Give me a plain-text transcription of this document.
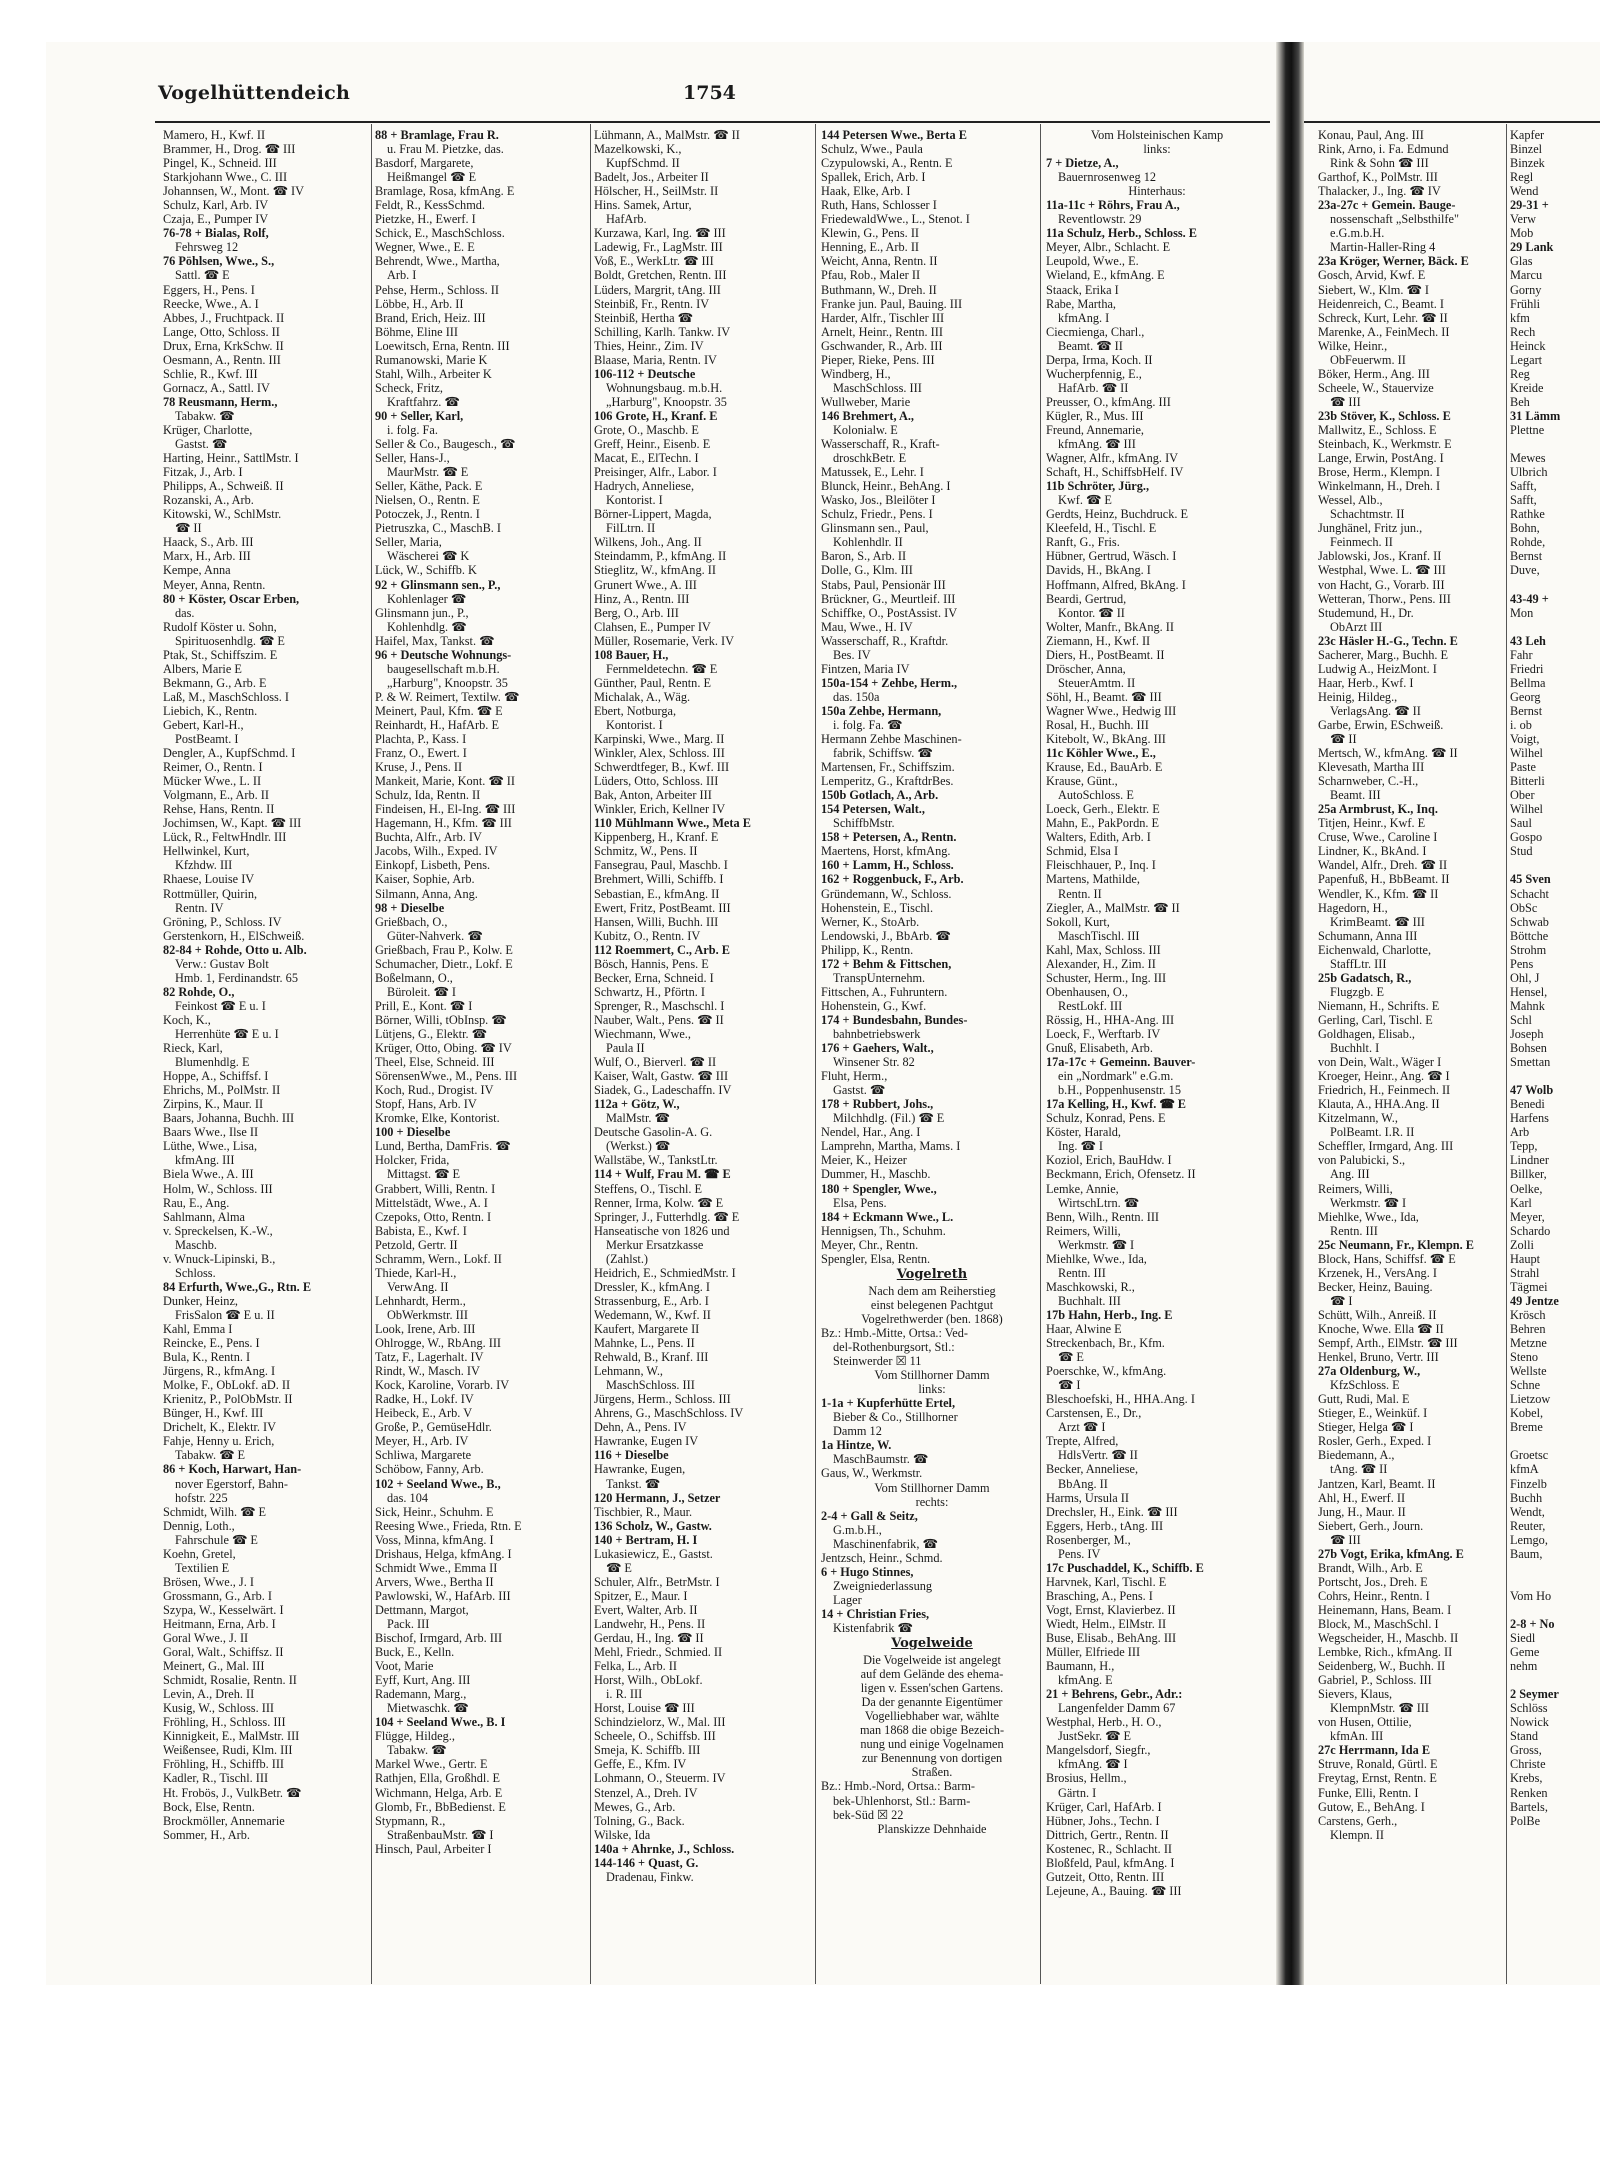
Vogelhüttendeich	1754
Mamero, H., Kwf. II
Brammer, H., Drog. ☎ III
Pingel, K., Schneid. III
Starkjohann Wwe., C. III
Johannsen, W., Mont. ☎ IV
Schulz, Karl, Arb. IV
Czaja, E., Pumper IV
76-78 + Bialas, Rolf,
Fehrsweg 12
76 Pöhlsen, Wwe., S.,
Sattl. ☎ E
Eggers, H., Pens. I
Reecke, Wwe., A. I
Abbes, J., Fruchtpack. II
Lange, Otto, Schloss. II
Drux, Erna, KrkSchw. II
Oesmann, A., Rentn. III
Schlie, R., Kwf. III
Gornacz, A., Sattl. IV
78 Reusmann, Herm.,
Tabakw. ☎
Krüger, Charlotte,
Gastst. ☎
Harting, Heinr., SattlMstr. I
Fitzak, J., Arb. I
Philipps, A., Schweiß. II
Rozanski, A., Arb.
Kitowski, W., SchlMstr.
☎ II
Haack, S., Arb. III
Marx, H., Arb. III
Kempe, Anna
Meyer, Anna, Rentn.
80 + Köster, Oscar Erben,
das.
Rudolf Köster u. Sohn,
Spirituosenhdlg. ☎ E
Ptak, St., Schiffszim. E
Albers, Marie E
Bekmann, G., Arb. E
Laß, M., MaschSchloss. I
Liebich, K., Rentn.
Gebert, Karl-H.,
PostBeamt. I
Dengler, A., KupfSchmd. I
Reimer, O., Rentn. I
Mücker Wwe., L. II
Volgmann, E., Arb. II
Rehse, Hans, Rentn. II
Jochimsen, W., Kapt. ☎ III
Lück, R., FeltwHndlr. III
Hellwinkel, Kurt,
Kfzhdw. III
Rhaese, Louise IV
Rottmüller, Quirin,
Rentn. IV
Gröning, P., Schloss. IV
Gerstenkorn, H., ElSchweiß.
82-84 + Rohde, Otto u. Alb.
Verw.: Gustav Bolt
Hmb. 1, Ferdinandstr. 65
82 Rohde, O.,
Feinkost ☎ E u. I
Koch, K.,
Herrenhüte ☎ E u. I
Rieck, Karl,
Blumenhdlg. E
Hoppe, A., Schiffsf. I
Ehrichs, M., PolMstr. II
Zirpins, K., Maur. II
Baars, Johanna, Buchh. III
Baars Wwe., Ilse II
Lüthe, Wwe., Lisa,
kfmAng. III
Biela Wwe., A. III
Holm, W., Schloss. III
Rau, E., Ang.
Sahlmann, Alma
v. Spreckelsen, K.-W.,
Maschb.
v. Wnuck-Lipinski, B.,
Schloss.
84 Erfurth, Wwe.,G., Rtn. E
Dunker, Heinz,
FrisSalon ☎ E u. II
Kahl, Emma I
Reincke, E., Pens. I
Bula, K., Rentn. I
Jürgens, R., kfmAng. I
Molke, F., ObLokf. aD. II
Krienitz, P., PolObMstr. II
Bünger, H., Kwf. III
Drichelt, K., Elektr. IV
Fahje, Henny u. Erich,
Tabakw. ☎ E
86 + Koch, Harwart, Han-
nover Egerstorf, Bahn-
hofstr. 225
Schmidt, Wilh. ☎ E
Dennig, Loth.,
Fahrschule ☎ E
Koehn, Gretel,
Textilien E
Brösen, Wwe., J. I
Grossmann, G., Arb. I
Szypa, W., Kesselwärt. I
Heitmann, Erna, Arb. I
Goral Wwe., J. II
Goral, Walt., Schiffsz. II
Meinert, G., Mal. III
Schmidt, Rosalie, Rentn. II
Levin, A., Dreh. II
Kusig, W., Schloss. III
Fröhling, H., Schloss. III
Kinnigkeit, E., MalMstr. III
Weißensee, Rudi, Klm. III
Fröhling, H., Schiffb. III
Kadler, R., Tischl. III
Ht. Frobös, J., VulkBetr. ☎
Bock, Else, Rentn.
Brockmöller, Annemarie
Sommer, H., Arb.
88 + Bramlage, Frau R.
u. Frau M. Pietzke, das.
Basdorf, Margarete,
Heißmangel ☎ E
Bramlage, Rosa, kfmAng. E
Feldt, R., KessSchmd.
Pietzke, H., Ewerf. I
Schick, E., MaschSchloss.
Wegner, Wwe., E. E
Behrendt, Wwe., Martha,
Arb. I
Pehse, Herm., Schloss. II
Löbbe, H., Arb. II
Brand, Erich, Heiz. III
Böhme, Eline III
Loewitsch, Erna, Rentn. III
Rumanowski, Marie K
Stahl, Wilh., Arbeiter K
Scheck, Fritz,
Kraftfahrz. ☎
90 + Seller, Karl,
i. folg. Fa.
Seller & Co., Baugesch., ☎
Seller, Hans-J.,
MaurMstr. ☎ E
Seller, Käthe, Pack. E
Nielsen, O., Rentn. E
Potoczek, J., Rentn. I
Pietruszka, C., MaschB. I
Seller, Maria,
Wäscherei ☎ K
Lück, W., Schiffb. K
92 + Glinsmann sen., P.,
Kohlenlager ☎
Glinsmann jun., P.,
Kohlenhdlg. ☎
Haifel, Max, Tankst. ☎
96 + Deutsche Wohnungs-
baugesellschaft m.b.H.
„Harburg", Knoopstr. 35
P. & W. Reimert, Textilw. ☎
Meinert, Paul, Kfm. ☎ E
Reinhardt, H., HafArb. E
Plachta, P., Kass. I
Franz, O., Ewert. I
Kruse, J., Pens. II
Mankeit, Marie, Kont. ☎ II
Schulz, Ida, Rentn. II
Findeisen, H., El-Ing. ☎ III
Hagemann, H., Kfm. ☎ III
Buchta, Alfr., Arb. IV
Jacobs, Wilh., Exped. IV
Einkopf, Lisbeth, Pens.
Kaiser, Sophie, Arb.
Silmann, Anna, Ang.
98 + Dieselbe
Grießbach, O.,
Güter-Nahverk. ☎
Grießbach, Frau P., Kolw. E
Schumacher, Dietr., Lokf. E
Boßelmann, O.,
Büroleit. ☎ I
Prill, E., Kont. ☎ I
Börner, Willi, tObInsp. ☎
Lütjens, G., Elektr. ☎
Krüger, Otto, Obing. ☎ IV
Theel, Else, Schneid. III
SörensenWwe., M., Pens. III
Koch, Rud., Drogist. IV
Stopf, Hans, Arb. IV
Kromke, Elke, Kontorist.
100 + Dieselbe
Lund, Bertha, DamFris. ☎
Holcker, Frida,
Mittagst. ☎ E
Grabbert, Willi, Rentn. I
Mittelstädt, Wwe., A. I
Czepoks, Otto, Rentn. I
Babista, E., Kwf. I
Petzold, Gertr. II
Schramm, Wern., Lokf. II
Thiede, Karl-H.,
VerwAng. II
Lehnhardt, Herm.,
ObWerkmstr. III
Look, Irene, Arb. III
Ohlrogge, W., RbAng. III
Tatz, F., Lagerhalt. IV
Rindt, W., Masch. IV
Kock, Karoline, Vorarb. IV
Radke, H., Lokf. IV
Heibeck, E., Arb. V
Große, P., GemüseHdlr.
Meyer, H., Arb. IV
Schliwa, Margarete
Schöbow, Fanny, Arb.
102 + Seeland Wwe., B.,
das. 104
Sick, Heinr., Schuhm. E
Reesing Wwe., Frieda, Rtn. E
Voss, Minna, kfmAng. I
Drishaus, Helga, kfmAng. I
Schmidt Wwe., Emma II
Arvers, Wwe., Bertha II
Pawlowski, W., HafArb. III
Dettmann, Margot,
Pack. III
Bischof, Irmgard, Arb. III
Buck, E., Kelln.
Voot, Marie
Eyff, Kurt, Ang. III
Rademann, Marg.,
Mietwaschk. ☎
104 + Seeland Wwe., B. I
Flügge, Hildeg.,
Tabakw. ☎
Markel Wwe., Gertr. E
Rathjen, Ella, Großhdl. E
Wichmann, Helga, Arb. E
Glomb, Fr., BbBedienst. E
Stypmann, R.,
StraßenbauMstr. ☎ I
Hinsch, Paul, Arbeiter I
Lühmann, A., MalMstr. ☎ II
Mazelkowski, K.,
KupfSchmd. II
Badelt, Jos., Arbeiter II
Hölscher, H., SeilMstr. II
Hins. Samek, Artur,
HafArb.
Kurzawa, Karl, Ing. ☎ III
Ladewig, Fr., LagMstr. III
Voß, E., WerkLtr. ☎ III
Boldt, Gretchen, Rentn. III
Lüders, Margrit, tAng. III
Steinbiß, Fr., Rentn. IV
Steinbiß, Hertha ☎
Schilling, Karlh. Tankw. IV
Thies, Heinr., Zim. IV
Blaase, Maria, Rentn. IV
106-112 + Deutsche
Wohnungsbaug. m.b.H.
„Harburg", Knoopstr. 35
106 Grote, H., Kranf. E
Grote, O., Maschb. E
Greff, Heinr., Eisenb. E
Macat, E., ElTechn. I
Preisinger, Alfr., Labor. I
Hadrych, Anneliese,
Kontorist. I
Börner-Lippert, Magda,
FilLtrn. II
Wilkens, Joh., Ang. II
Steindamm, P., kfmAng. II
Stieglitz, W., kfmAng. II
Grunert Wwe., A. III
Hinz, A., Rentn. III
Berg, O., Arb. III
Clahsen, E., Pumper IV
Müller, Rosemarie, Verk. IV
108 Bauer, H.,
Fernmeldetechn. ☎ E
Günther, Paul, Rentn. E
Michalak, A., Wäg.
Ebert, Notburga,
Kontorist. I
Karpinski, Wwe., Marg. II
Winkler, Alex, Schloss. III
Schwerdtfeger, B., Kwf. III
Lüders, Otto, Schloss. III
Bak, Anton, Arbeiter III
Winkler, Erich, Kellner IV
110 Mühlmann Wwe., Meta E
Kippenberg, H., Kranf. E
Schmitz, W., Pens. II
Fansegrau, Paul, Maschb. I
Brehmert, Willi, Schiffb. I
Sebastian, E., kfmAng. II
Ewert, Fritz, PostBeamt. III
Hansen, Willi, Buchh. III
Kubitz, O., Rentn. IV
112 Roemmert, C., Arb. E
Bösch, Hannis, Pens. E
Becker, Erna, Schneid. I
Schwartz, H., Pförtn. I
Sprenger, R., Maschschl. I
Nauber, Walt., Pens. ☎ II
Wiechmann, Wwe.,
Paula II
Wulf, O., Bierverl. ☎ II
Kaiser, Walt, Gastw. ☎ III
Siadek, G., Ladeschaffn. IV
112a + Götz, W.,
MalMstr. ☎
Deutsche Gasolin-A. G.
(Werkst.) ☎
Wallstäbe, W., TankstLtr.
114 + Wulf, Frau M. ☎ E
Steffens, O., Tischl. E
Renner, Irma, Kolw. ☎ E
Springer, J., Futterhdlg. ☎ E
Hanseatische von 1826 und
Merkur Ersatzkasse
(Zahlst.)
Heidrich, E., SchmiedMstr. I
Dressler, K., kfmAng. I
Strassenburg, E., Arb. I
Wedemann, W., Kwf. II
Kaufert, Margarete II
Mahnke, L., Pens. II
Rehwald, B., Kranf. III
Lehmann, W.,
MaschSchloss. III
Jürgens, Herm., Schloss. III
Ahrens, G., MaschSchloss. IV
Dehn, A., Pens. IV
Hawranke, Eugen IV
116 + Dieselbe
Hawranke, Eugen,
Tankst. ☎
120 Hermann, J., Setzer
Tischbier, R., Maur.
136 Scholz, W., Gastw.
140 + Bertram, H. I
Lukasiewicz, E., Gastst.
☎ E
Schuler, Alfr., BetrMstr. I
Spitzer, E., Maur. I
Evert, Walter, Arb. II
Landwehr, H., Pens. II
Gerdau, H., Ing. ☎ II
Mehl, Friedr., Schmied. II
Felka, L., Arb. II
Horst, Wilh., ObLokf.
i. R. III
Horst, Louise ☎ III
Schindzielorz, W., Mal. III
Scheele, O., Schiffsb. III
Smeja, K. Schiffb. III
Geffe, E., Kfm. IV
Lohmann, O., Steuerm. IV
Stenzel, A., Dreh. IV
Mewes, G., Arb.
Tolning, G., Back.
Wilske, Ida
140a + Ahrnke, J., Schloss.
144-146 + Quast, G.
Dradenau, Finkw.
144 Petersen Wwe., Berta E
Schulz, Wwe., Paula
Czypulowski, A., Rentn. E
Spallek, Erich, Arb. I
Haak, Elke, Arb. I
Ruth, Hans, Schlosser I
FriedewaldWwe., L., Stenot. I
Klewin, G., Pens. II
Henning, E., Arb. II
Weicht, Anna, Rentn. II
Pfau, Rob., Maler II
Buthmann, W., Dreh. II
Franke jun. Paul, Bauing. III
Harder, Alfr., Tischler III
Arnelt, Heinr., Rentn. III
Gschwander, R., Arb. III
Pieper, Rieke, Pens. III
Windberg, H.,
MaschSchloss. III
Wullweber, Marie
146 Brehmert, A.,
Kolonialw. E
Wasserschaff, R., Kraft-
droschkBetr. E
Matussek, E., Lehr. I
Blunck, Heinr., BehAng. I
Wasko, Jos., Bleilöter I
Schulz, Friedr., Pens. I
Glinsmann sen., Paul,
Kohlenhdlr. II
Baron, S., Arb. II
Dolle, G., Klm. III
Stabs, Paul, Pensionär III
Brückner, G., Meurtleif. III
Schiffke, O., PostAssist. IV
Mau, Wwe., H. IV
Wasserschaff, R., Kraftdr.
Bes. IV
Fintzen, Maria IV
150a-154 + Zehbe, Herm.,
das. 150a
150a Zehbe, Hermann,
i. folg. Fa. ☎
Hermann Zehbe Maschinen-
fabrik, Schiffsw. ☎
Martensen, Fr., Schiffszim.
Lemperitz, G., KraftdrBes.
150b Gotlach, A., Arb.
154 Petersen, Walt.,
SchiffbMstr.
158 + Petersen, A., Rentn.
Maertens, Horst, kfmAng.
160 + Lamm, H., Schloss.
162 + Roggenbuck, F., Arb.
Gründemann, W., Schloss.
Hohenstein, E., Tischl.
Werner, K., StoArb.
Lendowski, J., BbArb. ☎
Philipp, K., Rentn.
172 + Behm & Fittschen,
TranspUnternehm.
Fittschen, A., Fuhruntern.
Hohenstein, G., Kwf.
174 + Bundesbahn, Bundes-
bahnbetriebswerk
176 + Gaehers, Walt.,
Winsener Str. 82
Fluht, Herm.,
Gastst. ☎
178 + Rubbert, Johs.,
Milchhdlg. (Fil.) ☎ E
Nendel, Har., Ang. I
Lamprehn, Martha, Mams. I
Meier, K., Heizer
Dummer, H., Maschb.
180 + Spengler, Wwe.,
Elsa, Pens.
184 + Eckmann Wwe., L.
Hennigsen, Th., Schuhm.
Meyer, Chr., Rentn.
Spengler, Elsa, Rentn.
Vogelreth
Nach dem am Reiherstieg
einst belegenen Pachtgut
Vogelrethwerder (ben. 1868)
Bz.: Hmb.-Mitte, Ortsa.: Ved-
del-Rothenburgsort, Stl.:
Steinwerder ☒ 11
Vom Stillhorner Damm
links:
1-1a + Kupferhütte Ertel,
Bieber & Co., Stillhorner
Damm 12
1a Hintze, W.
MaschBaumstr. ☎
Gaus, W., Werkmstr.
Vom Stillhorner Damm
rechts:
2-4 + Gall & Seitz,
G.m.b.H.,
Maschinenfabrik, ☎
Jentzsch, Heinr., Schmd.
6 + Hugo Stinnes,
Zweigniederlassung
Lager
14 + Christian Fries,
Kistenfabrik ☎
Vogelweide
Die Vogelweide ist angelegt
auf dem Gelände des ehema-
ligen v. Essen'schen Gartens.
Da der genannte Eigentümer
Vogelliebhaber war, wählte
man 1868 die obige Bezeich-
nung und einige Vogelnamen
zur Benennung von dortigen
Straßen.
Bz.: Hmb.-Nord, Ortsa.: Barm-
bek-Uhlenhorst, Stl.: Barm-
bek-Süd ☒ 22
Planskizze Dehnhaide
Vom Holsteinischen Kamp
links:
7 + Dietze, A.,
Bauernrosenweg 12
Hinterhaus:
11a-11c + Röhrs, Frau A.,
Reventlowstr. 29
11a Schulz, Herb., Schloss. E
Meyer, Albr., Schlacht. E
Leupold, Wwe., E.
Wieland, E., kfmAng. E
Staack, Erika I
Rabe, Martha,
kfmAng. I
Ciecmienga, Charl.,
Beamt. ☎ II
Derpa, Irma, Koch. II
Wucherpfennig, E.,
HafArb. ☎ II
Preusser, O., kfmAng. III
Kügler, R., Mus. III
Freund, Annemarie,
kfmAng. ☎ III
Wagner, Alfr., kfmAng. IV
Schaft, H., SchiffsbHelf. IV
11b Schröter, Jürg.,
Kwf. ☎ E
Gerdts, Heinz, Buchdruck. E
Kleefeld, H., Tischl. E
Ranft, G., Fris.
Hübner, Gertrud, Wäsch. I
Davids, H., BkAng. I
Hoffmann, Alfred, BkAng. I
Beardi, Gertrud,
Kontor. ☎ II
Wolter, Manfr., BkAng. II
Ziemann, H., Kwf. II
Diers, H., PostBeamt. II
Dröscher, Anna,
SteuerAmtm. II
Söhl, H., Beamt. ☎ III
Wagner Wwe., Hedwig III
Rosal, H., Buchh. III
Kitebolt, W., BkAng. III
11c Köhler Wwe., E.,
Krause, Ed., BauArb. E
Krause, Günt.,
AutoSchloss. E
Loeck, Gerh., Elektr. E
Mahn, E., PakPordn. E
Walters, Edith, Arb. I
Schmid, Elsa I
Fleischhauer, P., Inq. I
Martens, Mathilde,
Rentn. II
Ziegler, A., MalMstr. ☎ II
Sokoll, Kurt,
MaschTischl. III
Kahl, Max, Schloss. III
Alexander, H., Zim. II
Schuster, Herm., Ing. III
Obenhausen, O.,
RestLokf. III
Rössig, H., HHA-Ang. III
Loeck, F., Werftarb. IV
Gnuß, Elisabeth, Arb.
17a-17c + Gemeinn. Bauver-
ein „Nordmark" e.G.m.
b.H., Poppenhusenstr. 15
17a Kelling, H., Kwf. ☎ E
Schulz, Konrad, Pens. E
Köster, Harald,
Ing. ☎ I
Koziol, Erich, BauHdw. I
Beckmann, Erich, Ofensetz. II
Lemke, Annie,
WirtschLtrn. ☎
Benn, Wilh., Rentn. III
Reimers, Willi,
Werkmstr. ☎ I
Miehlke, Wwe., Ida,
Rentn. III
Maschkowski, R.,
Buchhalt. III
17b Hahn, Herb., Ing. E
Haar, Alwine E
Streckenbach, Br., Kfm.
☎ E
Poerschke, W., kfmAng.
☎ I
Bleschoefski, H., HHA.Ang. I
Carstensen, E., Dr.,
Arzt ☎ I
Trepte, Alfred,
HdlsVertr. ☎ II
Becker, Anneliese,
BbAng. II
Harms, Ursula II
Drechsler, H., Eink. ☎ III
Eggers, Herb., tAng. III
Rosenberger, M.,
Pens. IV
17c Puschaddel, K., Schiffb. E
Harvnek, Karl, Tischl. E
Brasching, A., Pens. I
Vogt, Ernst, Klavierbez. II
Wiedt, Helm., ElMstr. II
Buse, Elisab., BehAng. III
Müller, Elfriede III
Baumann, H.,
kfmAng. E
21 + Behrens, Gebr., Adr.:
Langenfelder Damm 67
Westphal, Herb., H. O.,
JustSekr. ☎ E
Mangelsdorf, Siegfr.,
kfmAng. ☎ I
Brosius, Hellm.,
Gärtn. I
Krüger, Carl, HafArb. I
Hübner, Johs., Techn. I
Dittrich, Gertr., Rentn. II
Kostenec, R., Schlacht. II
Bloßfeld, Paul, kfmAng. I
Gutzeit, Otto, Rentn. III
Lejeune, A., Bauing. ☎ III
Konau, Paul, Ang. III
Rink, Arno, i. Fa. Edmund
Rink & Sohn ☎ III
Garthof, K., PolMstr. III
Thalacker, J., Ing. ☎ IV
23a-27c + Gemein. Bauge-
nossenschaft „Selbsthilfe"
e.G.m.b.H.
Martin-Haller-Ring 4
23a Kröger, Werner, Bäck. E
Gosch, Arvid, Kwf. E
Siebert, W., Klm. ☎ I
Heidenreich, C., Beamt. I
Schreck, Kurt, Lehr. ☎ II
Marenke, A., FeinMech. II
Wilke, Heinr.,
ObFeuerwm. II
Böker, Herm., Ang. III
Scheele, W., Stauervize
☎ III
23b Stöver, K., Schloss. E
Mallwitz, E., Schloss. E
Steinbach, K., Werkmstr. E
Lange, Erwin, PostAng. I
Brose, Herm., Klempn. I
Winkelmann, H., Dreh. I
Wessel, Alb.,
Schachtmstr. II
Junghänel, Fritz jun.,
Feinmech. II
Jablowski, Jos., Kranf. II
Westphal, Wwe. L. ☎ III
von Hacht, G., Vorarb. III
Wetteran, Thorw., Pens. III
Studemund, H., Dr.
ObArzt III
23c Häsler H.-G., Techn. E
Sacherer, Marg., Buchh. E
Ludwig A., HeizMont. I
Haar, Herb., Kwf. I
Heinig, Hildeg.,
VerlagsAng. ☎ II
Garbe, Erwin, ESchweiß.
☎ II
Mertsch, W., kfmAng. ☎ II
Klevesath, Martha III
Scharnweber, C.-H.,
Beamt. III
25a Armbrust, K., Inq.
Titjen, Heinr., Kwf. E
Cruse, Wwe., Caroline I
Lindner, K., BkAnd. I
Wandel, Alfr., Dreh. ☎ II
Papenfuß, H., BbBeamt. II
Wendler, K., Kfm. ☎ II
Hagedorn, H.,
KrimBeamt. ☎ III
Schumann, Anna III
Eichenwald, Charlotte,
StaffLtr. III
25b Gadatsch, R.,
Flugzgb. E
Niemann, H., Schrifts. E
Gerling, Carl, Tischl. E
Goldhagen, Elisab.,
Buchhlt. I
von Dein, Walt., Wäger I
Kroeger, Heinr., Ang. ☎ I
Friedrich, H., Feinmech. II
Klauta, A., HHA.Ang. II
Kitzelmann, W.,
PolBeamt. I.R. II
Scheffler, Irmgard, Ang. III
von Palubicki, S.,
Ang. III
Reimers, Willi,
Werkmstr. ☎ I
Miehlke, Wwe., Ida,
Rentn. III
25c Neumann, Fr., Klempn. E
Block, Hans, Schiffsf. ☎ E
Krzenek, H., VersAng. I
Becker, Heinz, Bauing.
☎ I
Schütt, Wilh., Anreiß. II
Knoche, Wwe. Ella ☎ II
Sempf, Arth., ElMstr. ☎ III
Henkel, Bruno, Vertr. III
27a Oldenburg, W.,
KfzSchloss. E
Gutt, Rudi, Mal. E
Stieger, E., Weinküf. I
Stieger, Helga ☎ I
Rosler, Gerh., Exped. I
Biedemann, A.,
tAng. ☎ II
Jantzen, Karl, Beamt. II
Ahl, H., Ewerf. II
Jung, H., Maur. II
Siebert, Gerh., Journ.
☎ III
27b Vogt, Erika, kfmAng. E
Brandt, Wilh., Arb. E
Portscht, Jos., Dreh. E
Cohrs, Heinr., Rentn. I
Heinemann, Hans, Beam. I
Block, M., MaschSchl. I
Wegscheider, H., Maschb. II
Lembke, Rich., kfmAng. II
Seidenberg, W., Buchh. II
Gabriel, P., Schloss. III
Sievers, Klaus,
KlempnMstr. ☎ III
von Husen, Ottilie,
kfmAn. III
27c Herrmann, Ida E
Struve, Ronald, Gürtl. E
Freytag, Ernst, Rentn. E
Funke, Elli, Rentn. I
Gutow, E., BehAng. I
Carstens, Gerh.,
Klempn. II
Kapfer
Binzel
Binzek
Regl
Wend
29-31 +
Verw
Mob
29 Lank
Glas
Marcu
Gorny
Frühli
kfm
Rech
Heinck
Legart
Reg
Kreide
Beh
31 Lämm
Plettne
Mewes
Ulbrich
Safft,
Safft,
Rathke
Bohn,
Rohde,
Bernst
Duve,
43-49 +
Mon
43 Leh
Fahr
Friedri
Bellma
Georg
Bernst
i. ob
Voigt,
Wilhel
Paste
Bitterli
Ober
Wilhel
Saul
Gospo
Stud
45 Sven
Schacht
ObSc
Schwab
Böttche
Strohm
Pens
Ohl, J
Hensel,
Mahnk
Schl
Joseph
Bohsen
Smettan
47 Wolb
Benedi
Harfens
Arb
Tepp,
Lindner
Billker,
Oelke,
Karl
Meyer,
Schardo
Zolli
Haupt
Strahl
Tägmei
49 Jentze
Krösch
Behren
Metzne
Steno
Wellste
Schne
Lietzow
Kobel,
Breme
Groetsc
kfmA
Finzelb
Buchh
Wendt,
Reuter,
Lemgo,
Baum,
Vom Ho
2-8 + No
Siedl
Geme
nehm
2 Seymer
Schlöss
Nowick
Stand
Gross,
Christe
Krebs,
Renken
Bartels,
PolBe
